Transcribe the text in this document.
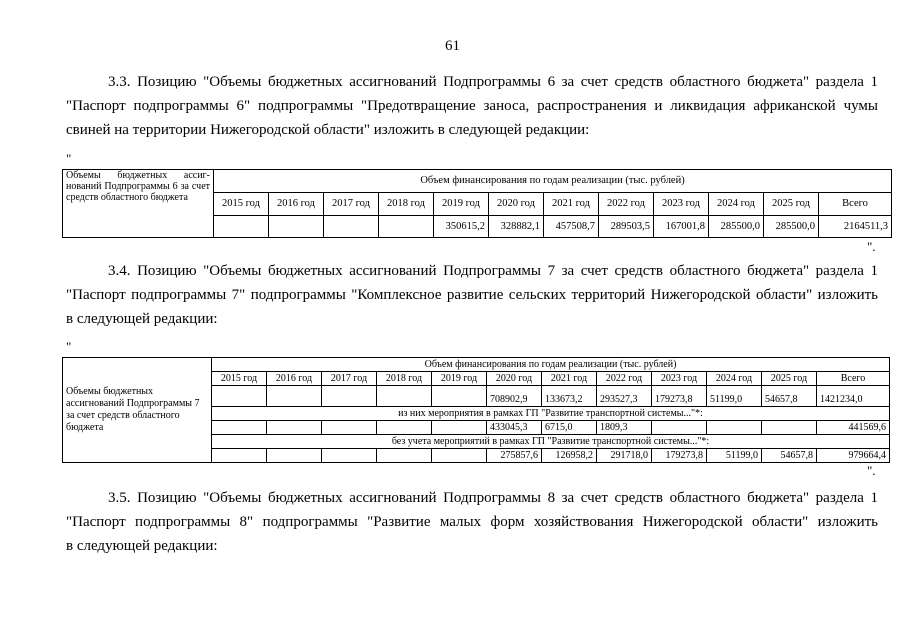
61
3.3. Позицию "Объемы бюджетных ассигнований Подпрограммы 6 за счет средств областного бюджета" раздела 1
"Паспорт подпрограммы 6" подпрограммы "Предотвращение заноса, распространения и ликвидация африканской чумы
свиней на территории Нижегородской области" изложить в следующей редакции:
"
Объемы бюджетных ассиг-нований Подпрограммы 6 за счет средств областного бюджета	Объем финансирования по годам реализации (тыс. рублей)											
	2015 год	2016 год	2017 год	2018 год	2019 год	2020 год	2021 год	2022 год	2023 год	2024 год	2025 год	Всего
					350615,2	328882,1	457508,7	289503,5	167001,8	285500,0	285500,0	2164511,3
".
3.4. Позицию "Объемы бюджетных ассигнований Подпрограммы 7 за счет средств областного бюджета" раздела 1
"Паспорт подпрограммы 7" подпрограммы "Комплексное развитие сельских территорий Нижегородской области" изложить
в следующей редакции:
"
Объемы бюджетных ассигнований Подпрограммы 7 за счет средств областного бюджета	Объем финансирования по годам реализации (тыс. рублей)											
	2015 год	2016 год	2017 год	2018 год	2019 год	2020 год	2021 год	2022 год	2023 год	2024 год	2025 год	Всего
						708902,9	133673,2	293527,3	179273,8	51199,0	54657,8	1421234,0
	из них мероприятия в рамках ГП "Развитие транспортной системы..."*:											
						433045,3	6715,0	1809,3				441569,6
	без учета мероприятий в рамках ГП "Развитие транспортной системы..."*:											
						275857,6	126958,2	291718,0	179273,8	51199,0	54657,8	979664,4
".
3.5. Позицию "Объемы бюджетных ассигнований Подпрограммы 8 за счет средств областного бюджета" раздела 1
"Паспорт подпрограммы 8" подпрограммы "Развитие малых форм хозяйствования Нижегородской области" изложить
в следующей редакции:
